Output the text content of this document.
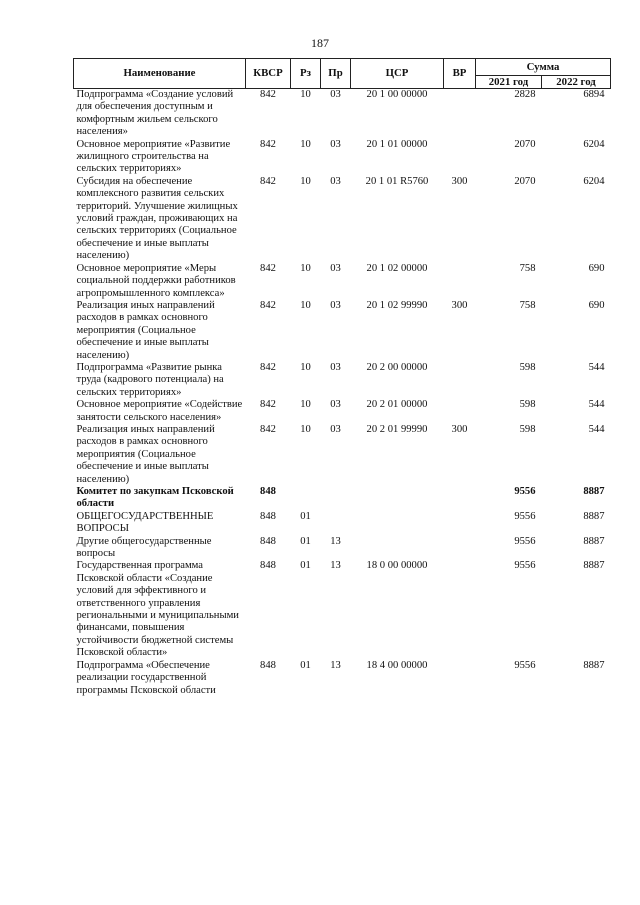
187
Наименование	КВСР	Рз	Пр	ЦСР	ВР	Сумма	
						2021 год	2022 год
Подпрограмма «Создание условий для обеспечения доступным и комфортным жильем сельского населения»	842	10	03	20 1 00 00000		2828	6894
Основное мероприятие «Развитие жилищного строительства на сельских территориях»	842	10	03	20 1 01 00000		2070	6204
Субсидия на обеспечение комплексного развития сельских территорий. Улучшение жилищных условий граждан, проживающих на сельских территориях (Социальное обеспечение и иные выплаты населению)	842	10	03	20 1 01 R5760	300	2070	6204
Основное мероприятие «Меры социальной поддержки работников агропромышленного комплекса»	842	10	03	20 1 02 00000		758	690
Реализация иных направлений расходов в рамках основного мероприятия (Социальное обеспечение и иные выплаты населению)	842	10	03	20 1 02 99990	300	758	690
Подпрограмма «Развитие рынка труда (кадрового потенциала) на сельских территориях»	842	10	03	20 2 00 00000		598	544
Основное мероприятие «Содействие занятости сельского населения»	842	10	03	20 2 01 00000		598	544
Реализация иных направлений расходов в рамках основного мероприятия (Социальное обеспечение и иные выплаты населению)	842	10	03	20 2 01 99990	300	598	544
Комитет по закупкам Псковской области	848					9556	8887
ОБЩЕГОСУДАРСТВЕННЫЕ ВОПРОСЫ	848	01				9556	8887
Другие общегосударственные вопросы	848	01	13			9556	8887
Государственная программа Псковской области «Создание условий для эффективного и ответственного управления региональными и муниципальными финансами, повышения устойчивости бюджетной системы Псковской области»	848	01	13	18 0 00 00000		9556	8887
Подпрограмма «Обеспечение реализации государственной программы Псковской области	848	01	13	18 4 00 00000		9556	8887
